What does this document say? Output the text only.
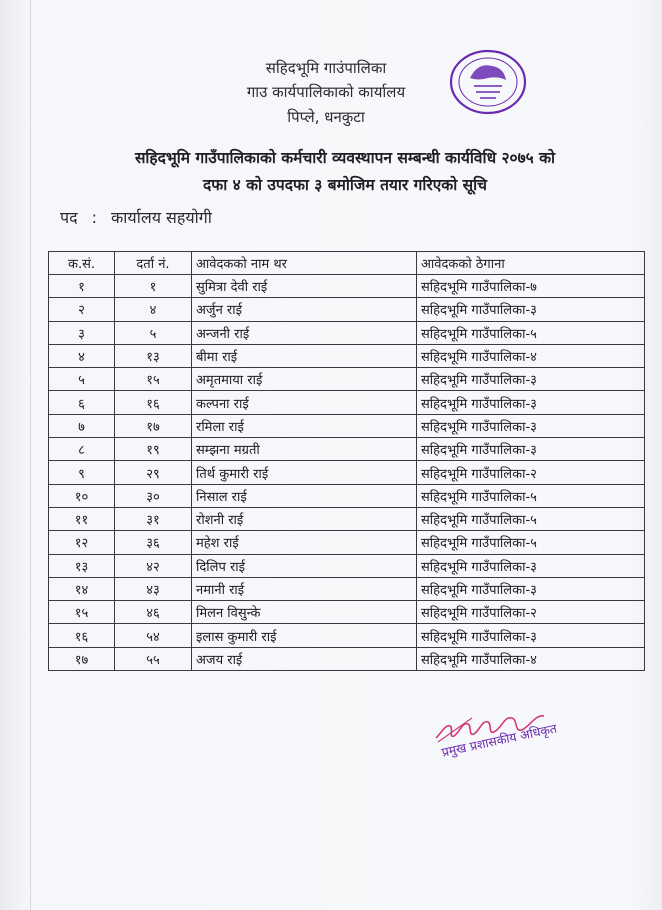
सहिदभूमि गाउंपालिका
गाउ कार्यपालिकाको कार्यालय
पिप्ले, धनकुटा
सहिदभूमि गाउँपालिकाको कर्मचारी व्यवस्थापन सम्बन्धी कार्यविधि २०७५ को
दफा ४ को उपदफा ३ बमोजिम तयार गरिएको सूचि
पद : कार्यालय सहयोगी
क.सं.	दर्ता नं.	आवेदकको नाम थर	आवेदकको ठेगाना
१	१	सुमित्रा देवी राई	सहिदभूमि गाउँपालिका-७
२	४	अर्जुन राई	सहिदभूमि गाउँपालिका-३
३	५	अन्जनी राई	सहिदभूमि गाउँपालिका-५
४	१३	बीमा राई	सहिदभूमि गाउँपालिका-४
५	१५	अमृतमाया राई	सहिदभूमि गाउँपालिका-३
६	१६	कल्पना राई	सहिदभूमि गाउँपालिका-३
७	१७	रमिला राई	सहिदभूमि गाउँपालिका-३
८	१९	सम्झना मग्रती	सहिदभूमि गाउँपालिका-३
९	२९	तिर्थ कुमारी राई	सहिदभूमि गाउँपालिका-२
१०	३०	निसाल राई	सहिदभूमि गाउँपालिका-५
११	३१	रोशनी राई	सहिदभूमि गाउँपालिका-५
१२	३६	महेश राई	सहिदभूमि गाउँपालिका-५
१३	४२	दिलिप राई	सहिदभूमि गाउँपालिका-३
१४	४३	नमानी राई	सहिदभूमि गाउँपालिका-३
१५	४६	मिलन विसुन्के	सहिदभूमि गाउँपालिका-२
१६	५४	इलास कुमारी राई	सहिदभूमि गाउँपालिका-३
१७	५५	अजय राई	सहिदभूमि गाउँपालिका-४
प्रमुख प्रशासकीय अधिकृत
